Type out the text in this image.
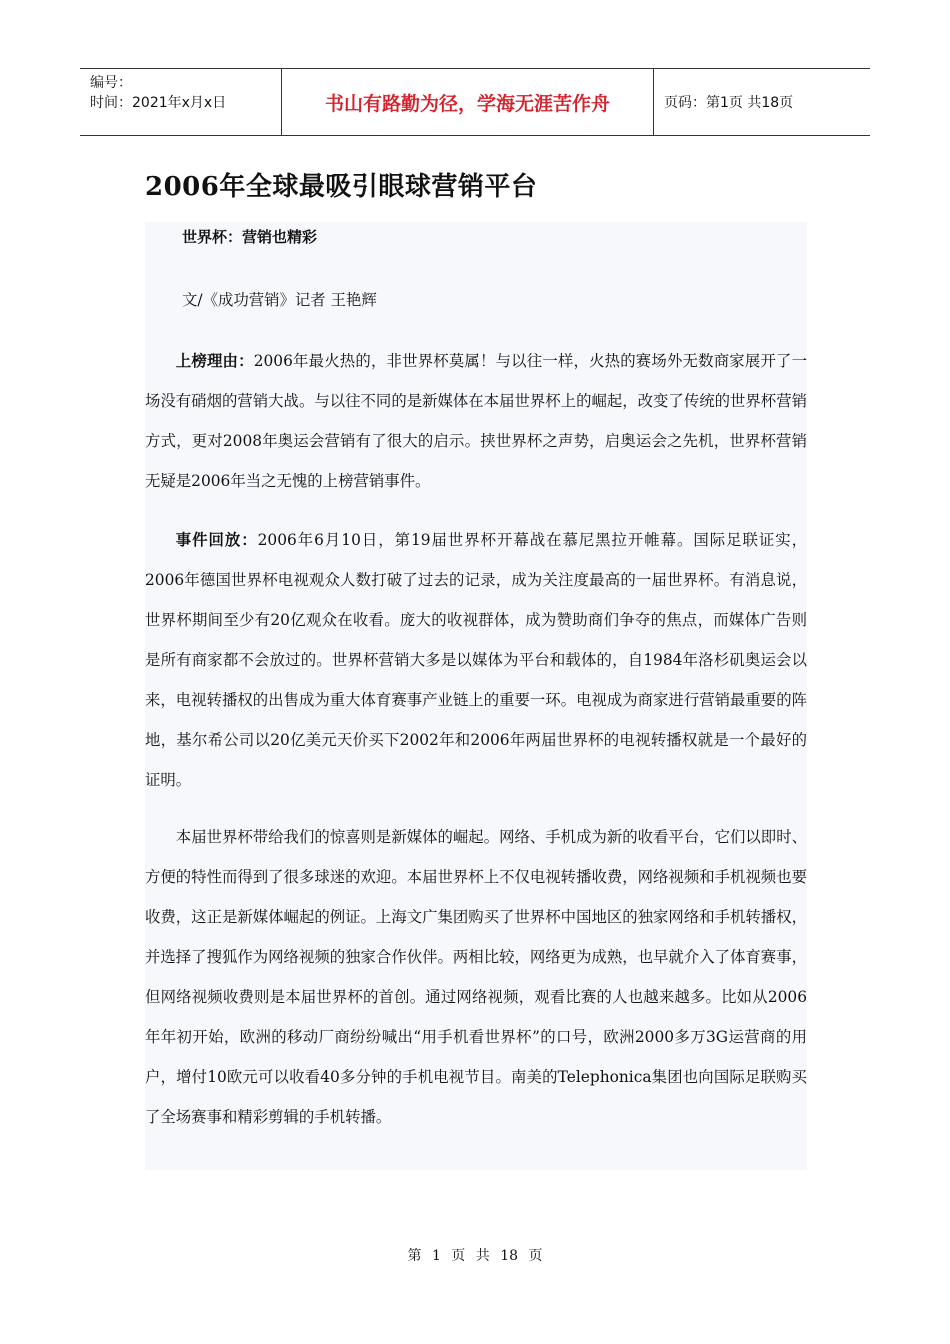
编号：
时间：2021年x月x日	书山有路勤为径，学海无涯苦作舟	页码：第1页 共18页
2006年全球最吸引眼球营销平台
世界杯：营销也精彩
文/《成功营销》记者 王艳辉

上榜理由：2006年最火热的，非世界杯莫属！与以往一样，火热的赛场外无数商家展开了一场没有硝烟的营销大战。与以往不同的是新媒体在本届世界杯上的崛起，改变了传统的世界杯营销方式，更对2008年奥运会营销有了很大的启示。挟世界杯之声势，启奥运会之先机，世界杯营销无疑是2006年当之无愧的上榜营销事件。

事件回放：2006年6月10日，第19届世界杯开幕战在慕尼黑拉开帷幕。国际足联证实，2006年德国世界杯电视观众人数打破了过去的记录，成为关注度最高的一届世界杯。有消息说，世界杯期间至少有20亿观众在收看。庞大的收视群体，成为赞助商们争夺的焦点，而媒体广告则是所有商家都不会放过的。世界杯营销大多是以媒体为平台和载体的，自1984年洛杉矶奥运会以来，电视转播权的出售成为重大体育赛事产业链上的重要一环。电视成为商家进行营销最重要的阵地，基尔希公司以20亿美元天价买下2002年和2006年两届世界杯的电视转播权就是一个最好的证明。

本届世界杯带给我们的惊喜则是新媒体的崛起。网络、手机成为新的收看平台，它们以即时、方便的特性而得到了很多球迷的欢迎。本届世界杯上不仅电视转播收费，网络视频和手机视频也要收费，这正是新媒体崛起的例证。上海文广集团购买了世界杯中国地区的独家网络和手机转播权，并选择了搜狐作为网络视频的独家合作伙伴。两相比较，网络更为成熟，也早就介入了体育赛事，但网络视频收费则是本届世界杯的首创。通过网络视频，观看比赛的人也越来越多。比如从2006年年初开始，欧洲的移动厂商纷纷喊出“用手机看世界杯”的口号，欧洲2000多万3G运营商的用户，增付10欧元可以收看40多分钟的手机电视节目。南美的Telephonica集团也向国际足联购买了全场赛事和精彩剪辑的手机转播。

第 1 页 共 18 页
